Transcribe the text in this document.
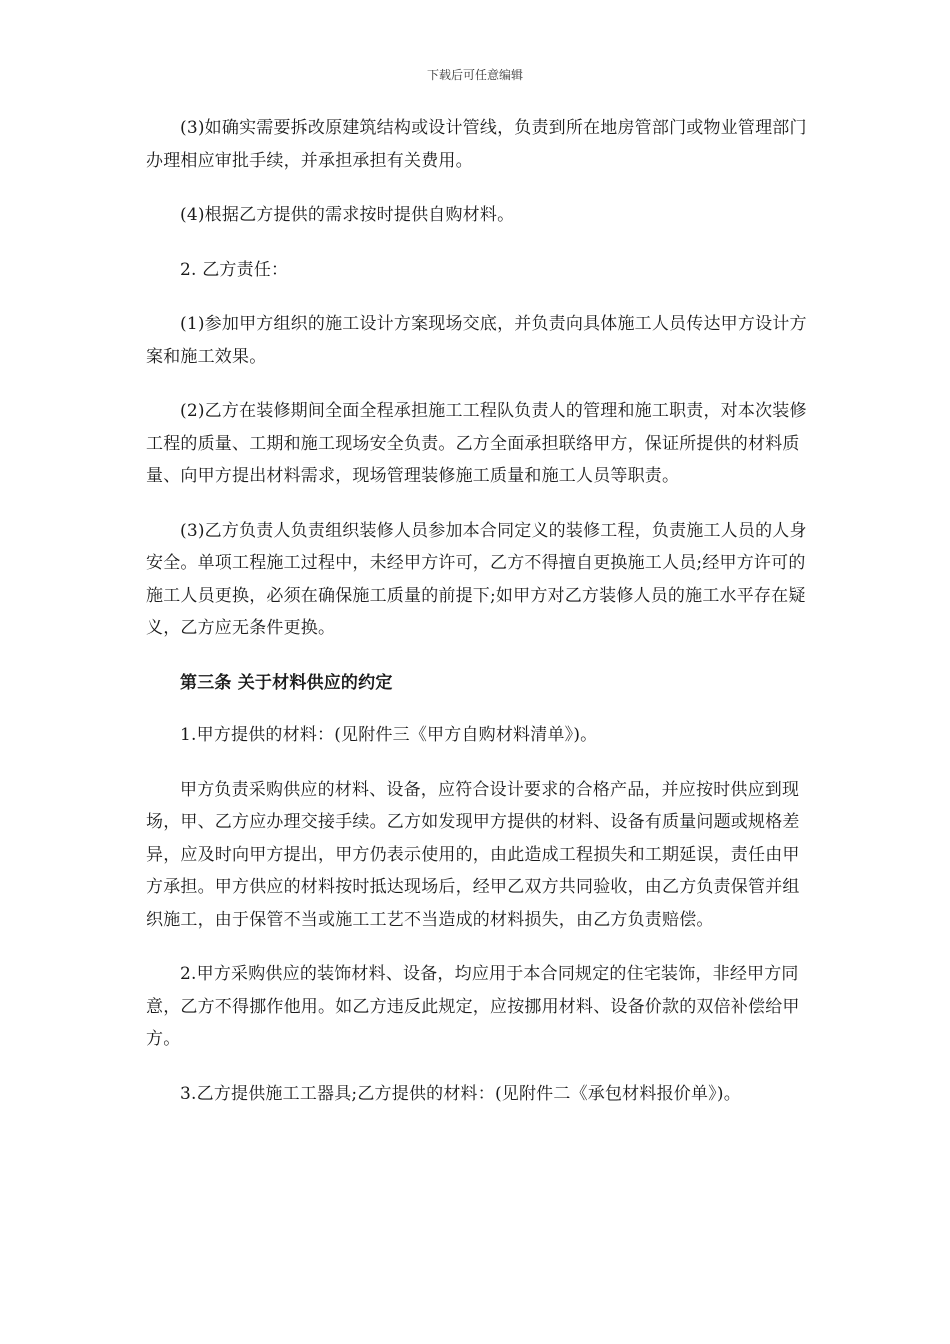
下载后可任意编辑

(3)如确实需要拆改原建筑结构或设计管线，负责到所在地房管部门或物业管理部门办理相应审批手续，并承担承担有关费用。

(4)根据乙方提供的需求按时提供自购材料。

2. 乙方责任：

(1)参加甲方组织的施工设计方案现场交底，并负责向具体施工人员传达甲方设计方案和施工效果。

(2)乙方在装修期间全面全程承担施工工程队负责人的管理和施工职责，对本次装修工程的质量、工期和施工现场安全负责。乙方全面承担联络甲方，保证所提供的材料质量、向甲方提出材料需求，现场管理装修施工质量和施工人员等职责。

(3)乙方负责人负责组织装修人员参加本合同定义的装修工程，负责施工人员的人身安全。单项工程施工过程中，未经甲方许可，乙方不得擅自更换施工人员;经甲方许可的施工人员更换，必须在确保施工质量的前提下;如甲方对乙方装修人员的施工水平存在疑义，乙方应无条件更换。

第三条 关于材料供应的约定

1.甲方提供的材料：(见附件三《甲方自购材料清单》)。

甲方负责采购供应的材料、设备，应符合设计要求的合格产品，并应按时供应到现场，甲、乙方应办理交接手续。乙方如发现甲方提供的材料、设备有质量问题或规格差异，应及时向甲方提出，甲方仍表示使用的，由此造成工程损失和工期延误，责任由甲方承担。甲方供应的材料按时抵达现场后，经甲乙双方共同验收，由乙方负责保管并组织施工，由于保管不当或施工工艺不当造成的材料损失，由乙方负责赔偿。

2.甲方采购供应的装饰材料、设备，均应用于本合同规定的住宅装饰，非经甲方同意，乙方不得挪作他用。如乙方违反此规定，应按挪用材料、设备价款的双倍补偿给甲方。

3.乙方提供施工工器具;乙方提供的材料：(见附件二《承包材料报价单》)。
